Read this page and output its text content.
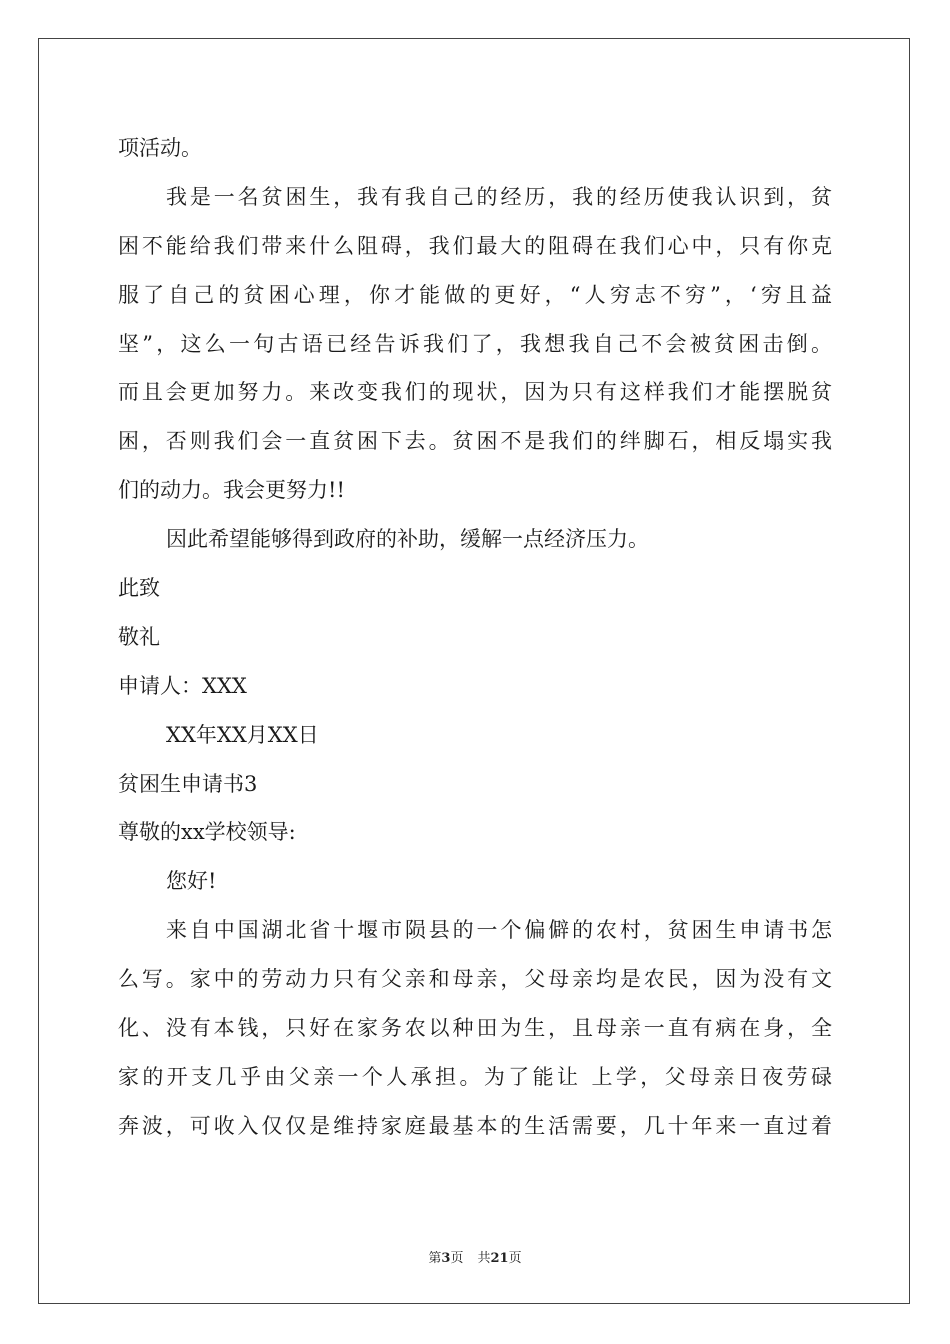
项活动。
我是一名贫困生，我有我自己的经历，我的经历使我认识到，贫
困不能给我们带来什么阻碍，我们最大的阻碍在我们心中，只有你克
服了自己的贫困心理，你才能做的更好，“人穷志不穷”，‘穷且益
坚”，这么一句古语已经告诉我们了，我想我自己不会被贫困击倒。
而且会更加努力。来改变我们的现状，因为只有这样我们才能摆脱贫
困，否则我们会一直贫困下去。贫困不是我们的绊脚石，相反塌实我
们的动力。我会更努力!!
因此希望能够得到政府的补助，缓解一点经济压力。
此致
敬礼
申请人：XXX
XX年XX月XX日
贫困生申请书3
尊敬的xx学校领导:
您好!
来自中国湖北省十堰市陨县的一个偏僻的农村，贫困生申请书怎
么写。家中的劳动力只有父亲和母亲，父母亲均是农民，因为没有文
化、没有本钱，只好在家务农以种田为生，且母亲一直有病在身，全
家的开支几乎由父亲一个人承担。为了能让 上学，父母亲日夜劳碌
奔波，可收入仅仅是维持家庭最基本的生活需要，几十年来一直过着
第3页 共21页
